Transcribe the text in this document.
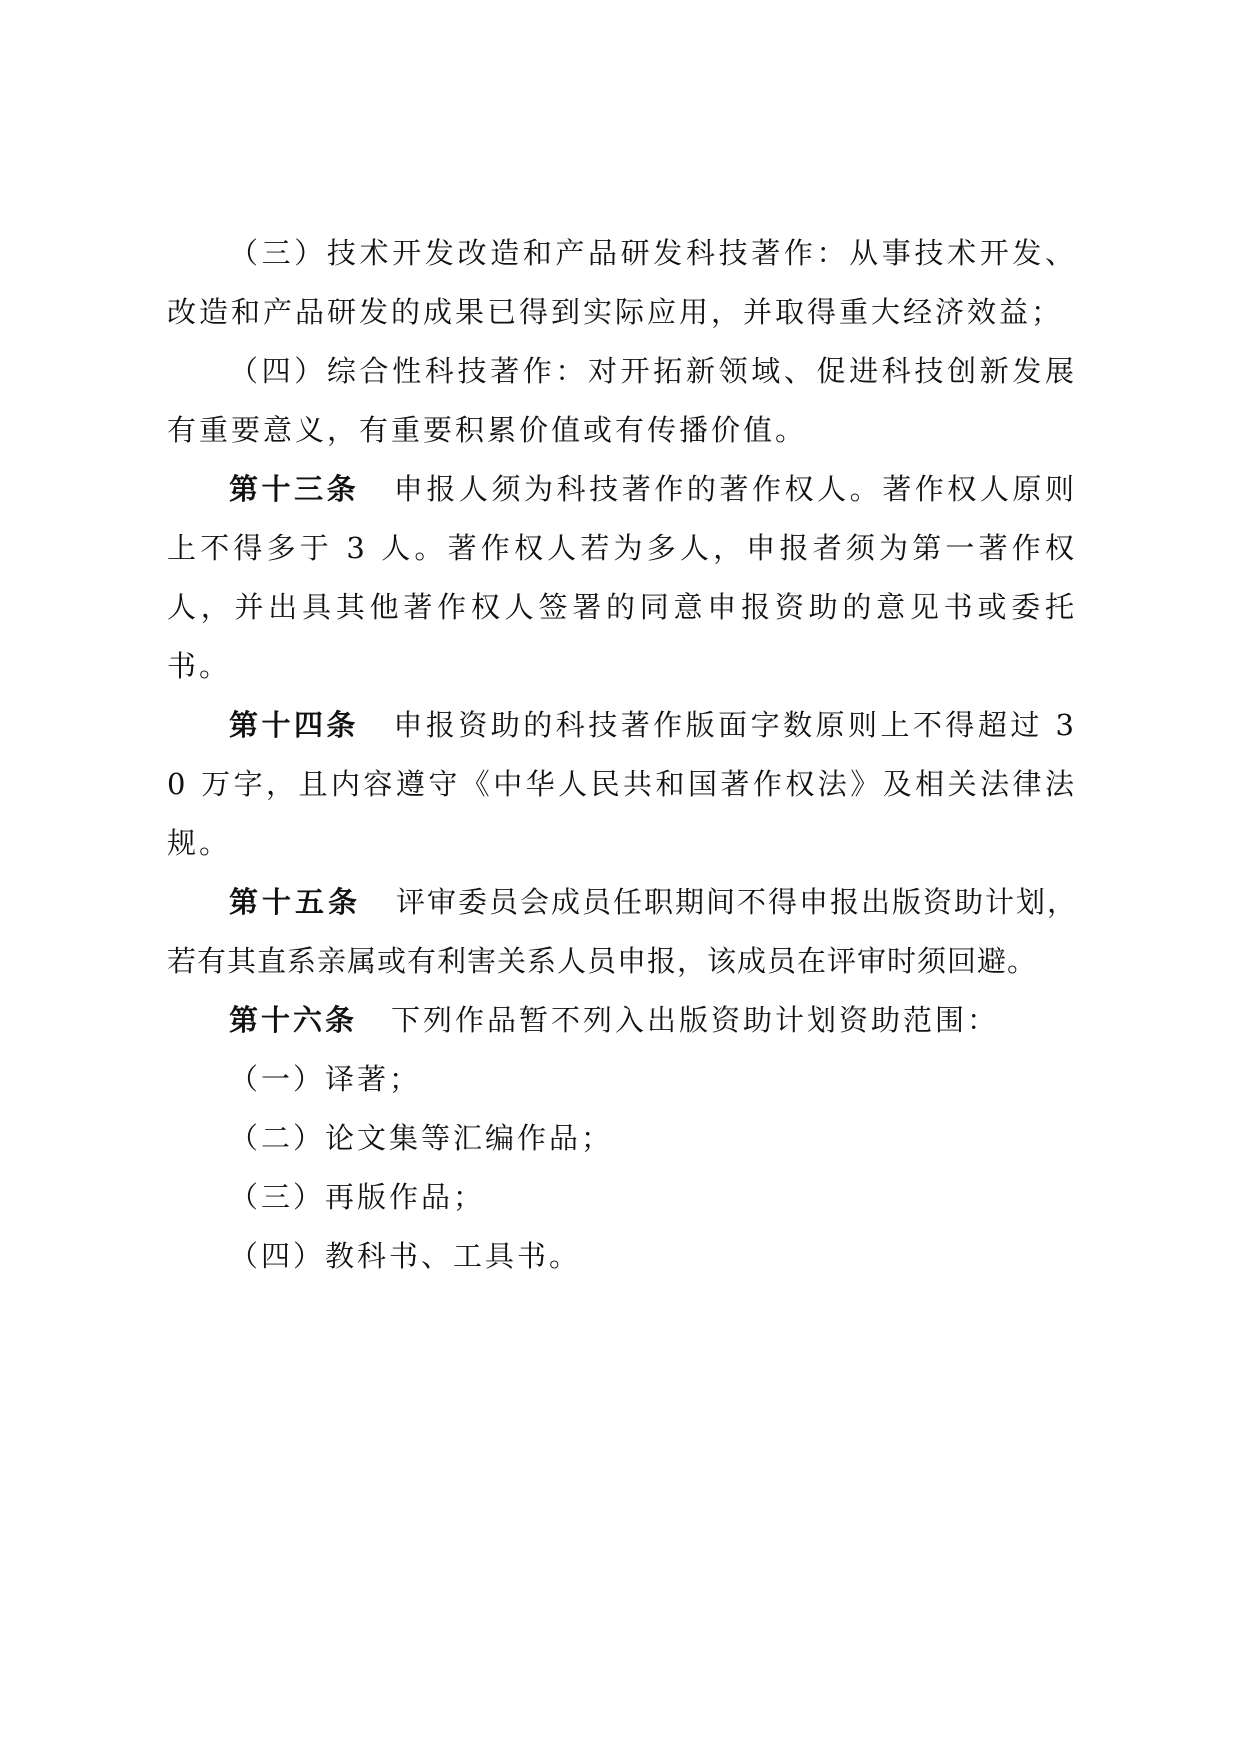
（三）技术开发改造和产品研发科技著作：从事技术开发、改造和产品研发的成果已得到实际应用，并取得重大经济效益；

（四）综合性科技著作：对开拓新领域、促进科技创新发展有重要意义，有重要积累价值或有传播价值。

第十三条 申报人须为科技著作的著作权人。著作权人原则上不得多于 3 人。著作权人若为多人，申报者须为第一著作权人，并出具其他著作权人签署的同意申报资助的意见书或委托书。

第十四条 申报资助的科技著作版面字数原则上不得超过 30 万字，且内容遵守《中华人民共和国著作权法》及相关法律法规。

第十五条 评审委员会成员任职期间不得申报出版资助计划，若有其直系亲属或有利害关系人员申报，该成员在评审时须回避。

第十六条 下列作品暂不列入出版资助计划资助范围：

（一）译著；

（二）论文集等汇编作品；

（三）再版作品；

（四）教科书、工具书。
